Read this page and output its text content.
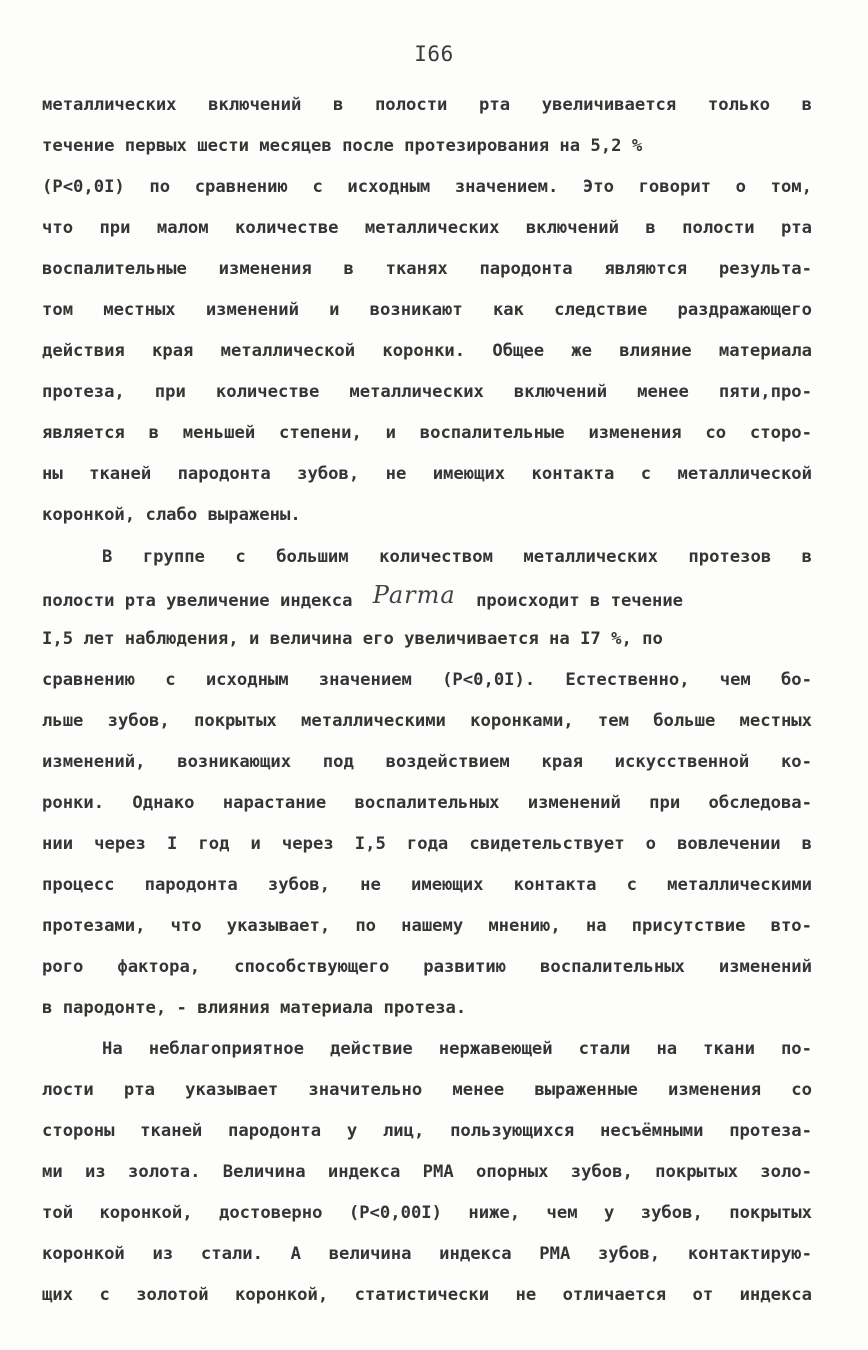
I66
металлических включений в полости рта увеличивается только в
течение первых шести месяцев после протезирования на 5,2 %
(P<0,0I) по сравнению с исходным значением. Это говорит о том,
что при малом количестве металлических включений в полости рта
воспалительные изменения в тканях пародонта являются результа-
том местных изменений и возникают как следствие раздражающего
действия края металлической коронки. Общее же влияние материала
протеза, при количестве металлических включений менее пяти,про-
является в меньшей степени, и воспалительные изменения со сторо-
ны тканей пародонта зубов, не имеющих контакта с металлической
коронкой, слабо выражены.
В группе с большим количеством металлических протезов в
полости рта увеличение индекса Parma происходит в течение
I,5 лет наблюдения, и величина его увеличивается на I7 %, по
сравнению с исходным значением (P<0,0I). Естественно, чем бо-
льше зубов, покрытых металлическими коронками, тем больше местных
изменений, возникающих под воздействием края искусственной ко-
ронки. Однако нарастание воспалительных изменений при обследова-
нии через I год и через I,5 года свидетельствует о вовлечении в
процесс пародонта зубов, не имеющих контакта с металлическими
протезами, что указывает, по нашему мнению, на присутствие вто-
рого фактора, способствующего развитию воспалительных изменений
в пародонте, - влияния материала протеза.
На неблагоприятное действие нержавеющей стали на ткани по-
лости рта указывает значительно менее выраженные изменения со
стороны тканей пародонта у лиц, пользующихся несъёмными протеза-
ми из золота. Величина индекса РМА опорных зубов, покрытых золо-
той коронкой, достоверно (P<0,00I) ниже, чем у зубов, покрытых
коронкой из стали. А величина индекса РМА зубов, контактирую-
щих с золотой коронкой, статистически не отличается от индекса
